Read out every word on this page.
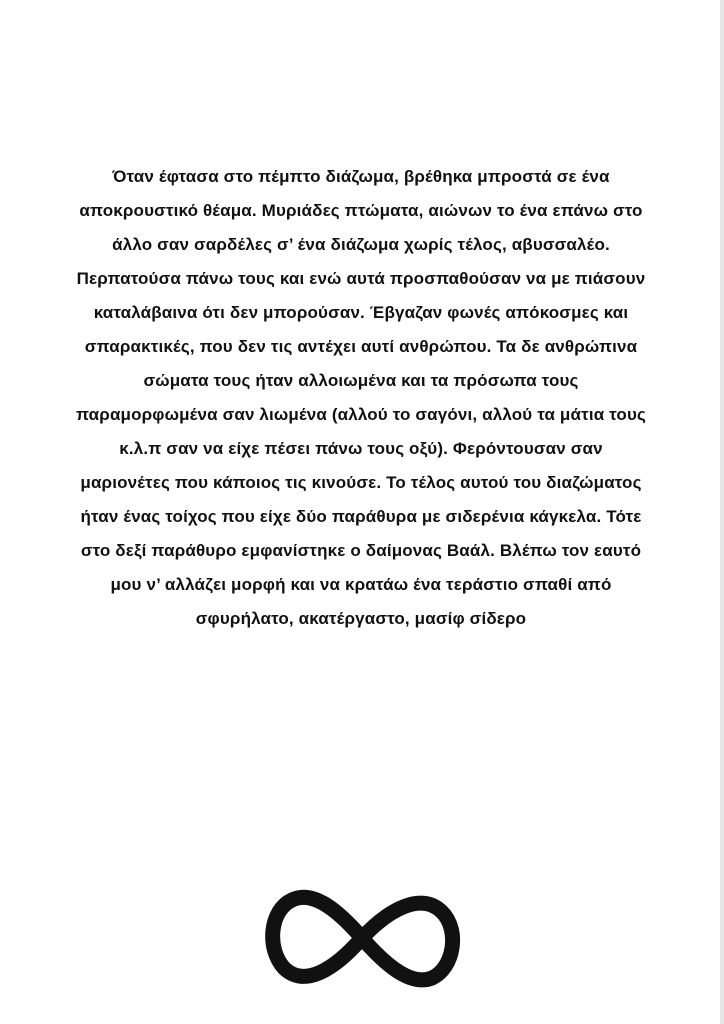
Όταν έφτασα στο πέμπτο διάζωμα, βρέθηκα μπροστά σε ένα
αποκρουστικό θέαμα. Μυριάδες πτώματα, αιώνων το ένα επάνω στο
άλλο σαν σαρδέλες σ’ ένα διάζωμα χωρίς τέλος, αβυσσαλέο.
Περπατούσα πάνω τους και ενώ αυτά προσπαθούσαν να με πιάσουν
καταλάβαινα ότι δεν μπορούσαν. Έβγαζαν φωνές απόκοσμες και
σπαρακτικές, που δεν τις αντέχει αυτί ανθρώπου. Τα δε ανθρώπινα
σώματα τους ήταν αλλοιωμένα και τα πρόσωπα τους
παραμορφωμένα σαν λιωμένα (αλλού το σαγόνι, αλλού τα μάτια τους
κ.λ.π σαν να είχε πέσει πάνω τους οξύ). Φερόντουσαν σαν
μαριονέτες που κάποιος τις κινούσε. Το τέλος αυτού του διαζώματος
ήταν ένας τοίχος που είχε δύο παράθυρα με σιδερένια κάγκελα. Τότε
στο δεξί παράθυρο εμφανίστηκε ο δαίμονας Βαάλ. Βλέπω τον εαυτό
μου ν’ αλλάζει μορφή και να κρατάω ένα τεράστιο σπαθί από
σφυρήλατο, ακατέργαστο, μασίφ σίδερο
